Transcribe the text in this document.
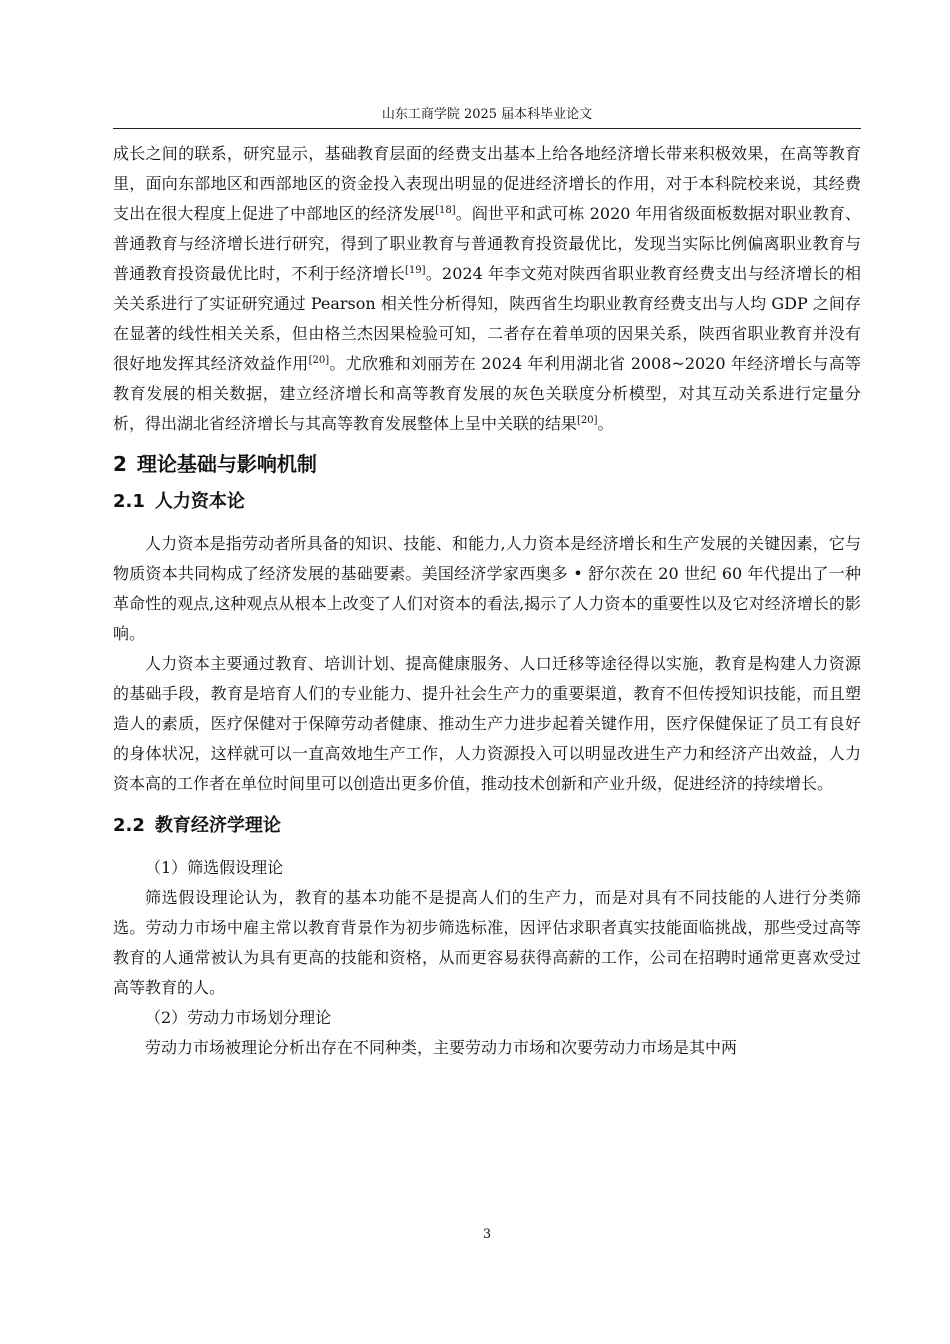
山东工商学院 2025 届本科毕业论文

成长之间的联系，研究显示，基础教育层面的经费支出基本上给各地经济增长带来积极效果，在高等教育里，面向东部地区和西部地区的资金投入表现出明显的促进经济增长的作用，对于本科院校来说，其经费支出在很大程度上促进了中部地区的经济发展[18]。阎世平和武可栋 2020 年用省级面板数据对职业教育、普通教育与经济增长进行研究，得到了职业教育与普通教育投资最优比，发现当实际比例偏离职业教育与普通教育投资最优比时，不利于经济增长[19]。2024 年李文苑对陕西省职业教育经费支出与经济增长的相关关系进行了实证研究通过 Pearson 相关性分析得知，陕西省生均职业教育经费支出与人均 GDP 之间存在显著的线性相关关系，但由格兰杰因果检验可知，二者存在着单项的因果关系，陕西省职业教育并没有很好地发挥其经济效益作用[20]。尤欣雅和刘丽芳在 2024 年利用湖北省 2008~2020 年经济增长与高等教育发展的相关数据，建立经济增长和高等教育发展的灰色关联度分析模型，对其互动关系进行定量分析，得出湖北省经济增长与其高等教育发展整体上呈中关联的结果[20]。

2 理论基础与影响机制
2.1 人力资本论

人力资本是指劳动者所具备的知识、技能、和能力,人力资本是经济增长和生产发展的关键因素，它与物质资本共同构成了经济发展的基础要素。美国经济学家西奥多 • 舒尔茨在 20 世纪 60 年代提出了一种革命性的观点,这种观点从根本上改变了人们对资本的看法,揭示了人力资本的重要性以及它对经济增长的影响。

人力资本主要通过教育、培训计划、提高健康服务、人口迁移等途径得以实施，教育是构建人力资源的基础手段，教育是培育人们的专业能力、提升社会生产力的重要渠道，教育不但传授知识技能，而且塑造人的素质，医疗保健对于保障劳动者健康、推动生产力进步起着关键作用，医疗保健保证了员工有良好的身体状况，这样就可以一直高效地生产工作，人力资源投入可以明显改进生产力和经济产出效益，人力资本高的工作者在单位时间里可以创造出更多价值，推动技术创新和产业升级，促进经济的持续增长。

2.2 教育经济学理论

（1）筛选假设理论

筛选假设理论认为，教育的基本功能不是提高人们的生产力，而是对具有不同技能的人进行分类筛选。劳动力市场中雇主常以教育背景作为初步筛选标准，因评估求职者真实技能面临挑战，那些受过高等教育的人通常被认为具有更高的技能和资格，从而更容易获得高薪的工作，公司在招聘时通常更喜欢受过高等教育的人。

（2）劳动力市场划分理论

劳动力市场被理论分析出存在不同种类，主要劳动力市场和次要劳动力市场是其中两

3
